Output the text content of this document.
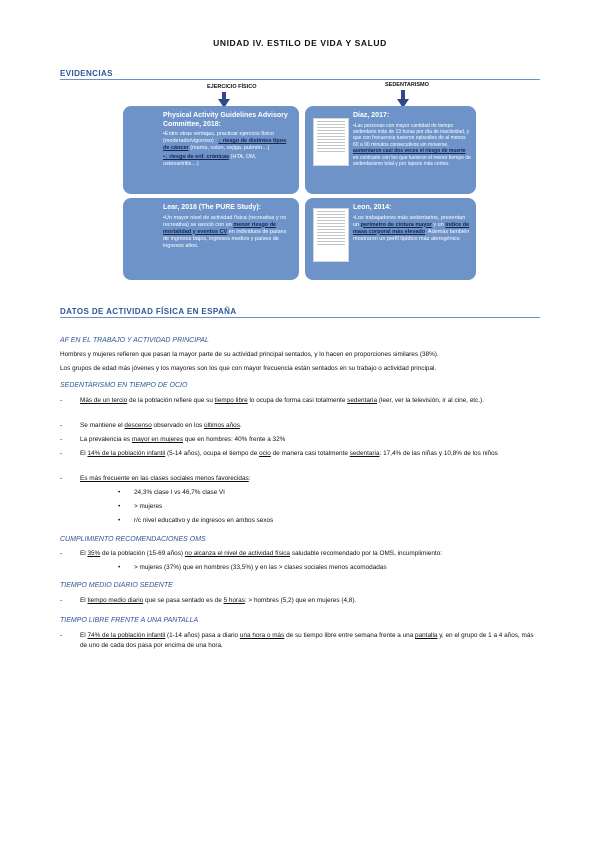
UNIDAD IV. ESTILO DE VIDA Y SALUD
EVIDENCIAS
EJERCICIO FÍSICO	SEDENTARISMO
Physical Activity Guidelines Advisory Committee, 2018:
•Entre otras ventajas, practicar ejercicio físico (moderado/vigoroso) : ↓ riesgo de distintos tipos de cáncer (mama, colon, vejiga, pulmón…)
•↓ riesgo de enf. crónicas (HTA, DM, osteoartritis…)
Díaz, 2017:
•Las personas con mayor cantidad de tiempo sedentario más de 13 horas por día de inactividad, y que con frecuencia tuvieron episodios de al menos 60 a 90 minutos consecutivos sin moverse, aumentaron casi dos veces el riesgo de muerte en contraste con los que tuvieron el menor tiempo de sedentarismo total y por lapsos más cortos.
Lear, 2018 (The PURE Study):
•Un mayor nivel de actividad física (recreativa y no recreativa) se asoció con un menor riesgo de mortalidad y eventos CV en individuos de países de ingresos bajos, ingresos medios y países de ingresos altos.
Leon, 2014:
•Los trabajadores más sedentarios, presentan un perímetro de cintura mayor y un índice de masa corporal más elevado. Además también mostraron un perfil lipídico más aterogénico
DATOS DE ACTIVIDAD FÍSICA EN ESPAÑA
AF EN EL TRABAJO Y ACTIVIDAD PRINCIPAL
Hombres y mujeres refieren que pasan la mayor parte de su actividad principal sentados, y lo hacen en proporciones similares (38%).
Los grupos de edad más jóvenes y los mayores son los que con mayor frecuencia están sentados en su trabajo o actividad principal.
SEDENTARISMO EN TIEMPO DE OCIO
-	Más de un tercio de la población refiere que su tiempo libre lo ocupa de forma casi totalmente sedentaria (leer, ver la televisión, ir al cine, etc.).
-	Se mantiene el descenso observado en los últimos años.
-	La prevalencia es mayor en mujeres que en hombres: 40% frente a 32%
-	El 14% de la población infantil (5-14 años), ocupa el tiempo de ocio de manera casi totalmente sedentaria: 17,4% de las niñas y 10,8% de los niños
-	Es más frecuente en las clases sociales menos favorecidas:
• 24,3% clase I vs 46,7% clase VI
• > mujeres
• r/c nivel educativo y de ingresos en ambos sexos
CUMPLIMIENTO RECOMENDACIONES OMS
-	El 35% de la población (15-69 años) no alcanza el nivel de actividad física saludable recomendado por la OMS, incumplimiento:
• > mujeres (37%) que en hombres (33,5%) y en las > clases sociales menos acomodadas
TIEMPO MEDIO DIARIO SEDENTE
-	El tiempo medio diario que se pasa sentado es de 5 horas: > hombres (5,2) que en mujeres (4,8).
TIEMPO LIBRE FRENTE A UNA PANTALLA
-	El 74% de la población infantil (1-14 años) pasa a diario una hora o más de su tiempo libre entre semana frente a una pantalla y, en el grupo de 1 a 4 años, más de uno de cada dos pasa por encima de una hora.
